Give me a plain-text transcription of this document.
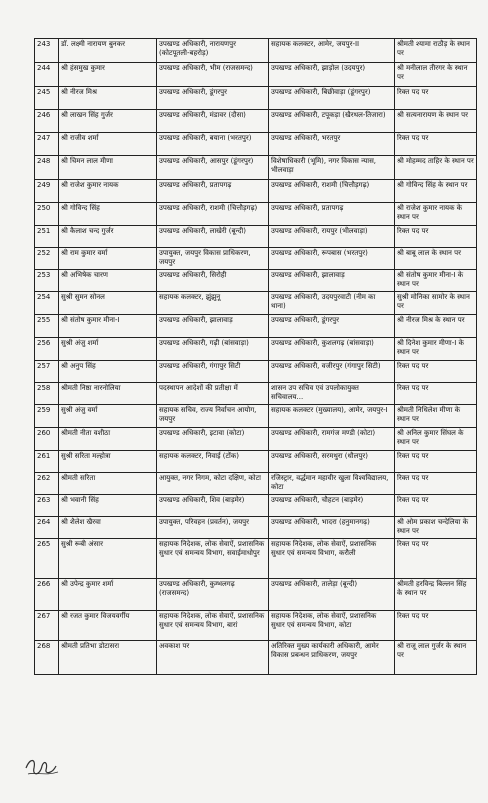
243	डॉ. लक्ष्मी नारायण बुनकर	उपखण्ड अधिकारी, नारायणपुर (कोटपूतली-बहरोड़)	सहायक कलक्टर, आमेर, जयपुर-II	श्रीमती श्यामा राठौड़ के स्थान पर
244	श्री हंसमुख कुमार	उपखण्ड अधिकारी, भीम (राजसमन्द)	उपखण्ड अधिकारी, झाड़ोल (उदयपुर)	श्री मनीलाल तीरगर के स्थान पर
245	श्री नीरज मिश्र	उपखण्ड अधिकारी, डूंगरपुर	उपखण्ड अधिकारी, बिछीवाड़ा (डूंगरपुर)	रिक्त पद पर
246	श्री लाखन सिंह गुर्जर	उपखण्ड अधिकारी, मंडावर (दौसा)	उपखण्ड अधिकारी, टपूकड़ा (खैरथल-तिजारा)	श्री सत्यनारायण के स्थान पर
247	श्री राजीव शर्मा	उपखण्ड अधिकारी, बयाना (भरतपुर)	उपखण्ड अधिकारी, भरतपुर	रिक्त पद पर
248	श्री चिमन लाल मीणा	उपखण्ड अधिकारी, आसपुर (डूंगरपुर)	विशेषाधिकारी (भूमि), नगर विकास न्यास, भीलवाड़ा	श्री मोहम्मद ताहिर के स्थान पर
249	श्री राजेश कुमार नायक	उपखण्ड अधिकारी, प्रतापगढ़	उपखण्ड अधिकारी, राशमी (चित्तौड़गढ़)	श्री गोविन्द सिंह के स्थान पर
250	श्री गोविन्द सिंह	उपखण्ड अधिकारी, राशमी (चित्तौड़गढ़)	उपखण्ड अधिकारी, प्रतापगढ़	श्री राजेश कुमार नायक के स्थान पर
251	श्री कैलाश चन्द गुर्जर	उपखण्ड अधिकारी, लाखेरी (बून्दी)	उपखण्ड अधिकारी, रायपुर (भीलवाड़ा)	रिक्त पद पर
252	श्री राम कुमार वर्मा	उपायुक्त, जयपुर विकास प्राधिकरण, जयपुर	उपखण्ड अधिकारी, रूपबास (भरतपुर)	श्री बाबू लाल के स्थान पर
253	श्री अभिषेक चारण	उपखण्ड अधिकारी, सिरोही	उपखण्ड अधिकारी, झालावाड़	श्री संतोष कुमार मीना-I के स्थान पर
254	सुश्री सुमन सोनल	सहायक कलक्टर, झुंझुनू	उपखण्ड अधिकारी, उदयपुरवाटी (नीम का थाना)	सुश्री मोनिका सामोर के स्थान पर
255	श्री संतोष कुमार मीना-I	उपखण्ड अधिकारी, झालावाड़	उपखण्ड अधिकारी, डूंगरपुर	श्री नीरज मिश्र के स्थान पर
256	सुश्री अंजु शर्मा	उपखण्ड अधिकारी, गढ़ी (बांसवाड़ा)	उपखण्ड अधिकारी, कुशलगढ़ (बांसवाड़ा)	श्री दिनेश कुमार मीणा-I के स्थान पर
257	श्री अनुप सिंह	उपखण्ड अधिकारी, गंगापुर सिटी	उपखण्ड अधिकारी, वजीरपुर (गंगापुर सिटी)	रिक्त पद पर
258	श्रीमती निष्ठा नारनोलिया	पदस्थापन आदेशों की प्रतीक्षा में	शासन उप सचिव एवं उपलोकायुक्त सचिवालय...	रिक्त पद पर
259	सुश्री अंजु वर्मा	सहायक सचिव, राज्य निर्वाचन आयोग, जयपुर	सहायक कलक्टर (मुख्यालय), आमेर, जयपुर-I	श्रीमती निधिलेश मीणा के स्थान पर
260	श्रीमती नीता वशीठा	उपखण्ड अधिकारी, इटावा (कोटा)	उपखण्ड अधिकारी, रामगंज मण्डी (कोटा)	श्री अनिल कुमार सिंघल के स्थान पर
261	सुश्री सरिता मल्होत्रा	सहायक कलक्टर, निवाई (टोंक)	उपखण्ड अधिकारी, सरमथुरा (धौलपुर)	रिक्त पद पर
262	श्रीमती सरिता	आयुक्त, नगर निगम, कोटा दक्षिण, कोटा	रजिस्ट्रार, वर्द्धमान महावीर खुला विश्वविद्यालय, कोटा	रिक्त पद पर
263	श्री भवानी सिंह	उपखण्ड अधिकारी, शिव (बाड़मेर)	उपखण्ड अधिकारी, चौहटन (बाड़मेर)	रिक्त पद पर
264	श्री शैलेश खैरवा	उपायुक्त, परिवहन (प्रवर्तन), जयपुर	उपखण्ड अधिकारी, भादरा (हनुमानगढ़)	श्री ओम प्रकाश चन्देलिया के स्थान पर
265	सुश्री रूबी अंसार	सहायक निदेशक, लोक सेवाऐं, प्रशासनिक सुधार एवं समन्वय विभाग, सवाईमाधोपुर	सहायक निदेशक, लोक सेवाऐं, प्रशासनिक सुधार एवं समन्वय विभाग, करौली	रिक्त पद पर
266	श्री उपेन्द्र कुमार शर्मा	उपखण्ड अधिकारी, कुम्भलगढ़ (राजसमन्द)	उपखण्ड अधिकारी, तालेड़ा (बून्दी)	श्रीमती हरविन्द्र बिल्लन सिंह के स्थान पर
267	श्री रजत कुमार विजयवर्गीय	सहायक निदेशक, लोक सेवाऐं, प्रशासनिक सुधार एवं समन्वय विभाग, बारां	सहायक निदेशक, लोक सेवाऐं, प्रशासनिक सुधार एवं समन्वय विभाग, कोटा	रिक्त पद पर
268	श्रीमती प्रतिभा डोटासरा	अवकाश पर	अतिरिक्त मुख्य कार्यकारी अधिकारी, आमेर विकास प्रबन्धन प्राधिकरण, जयपुर	श्री राजू लाल गुर्जर के स्थान पर
